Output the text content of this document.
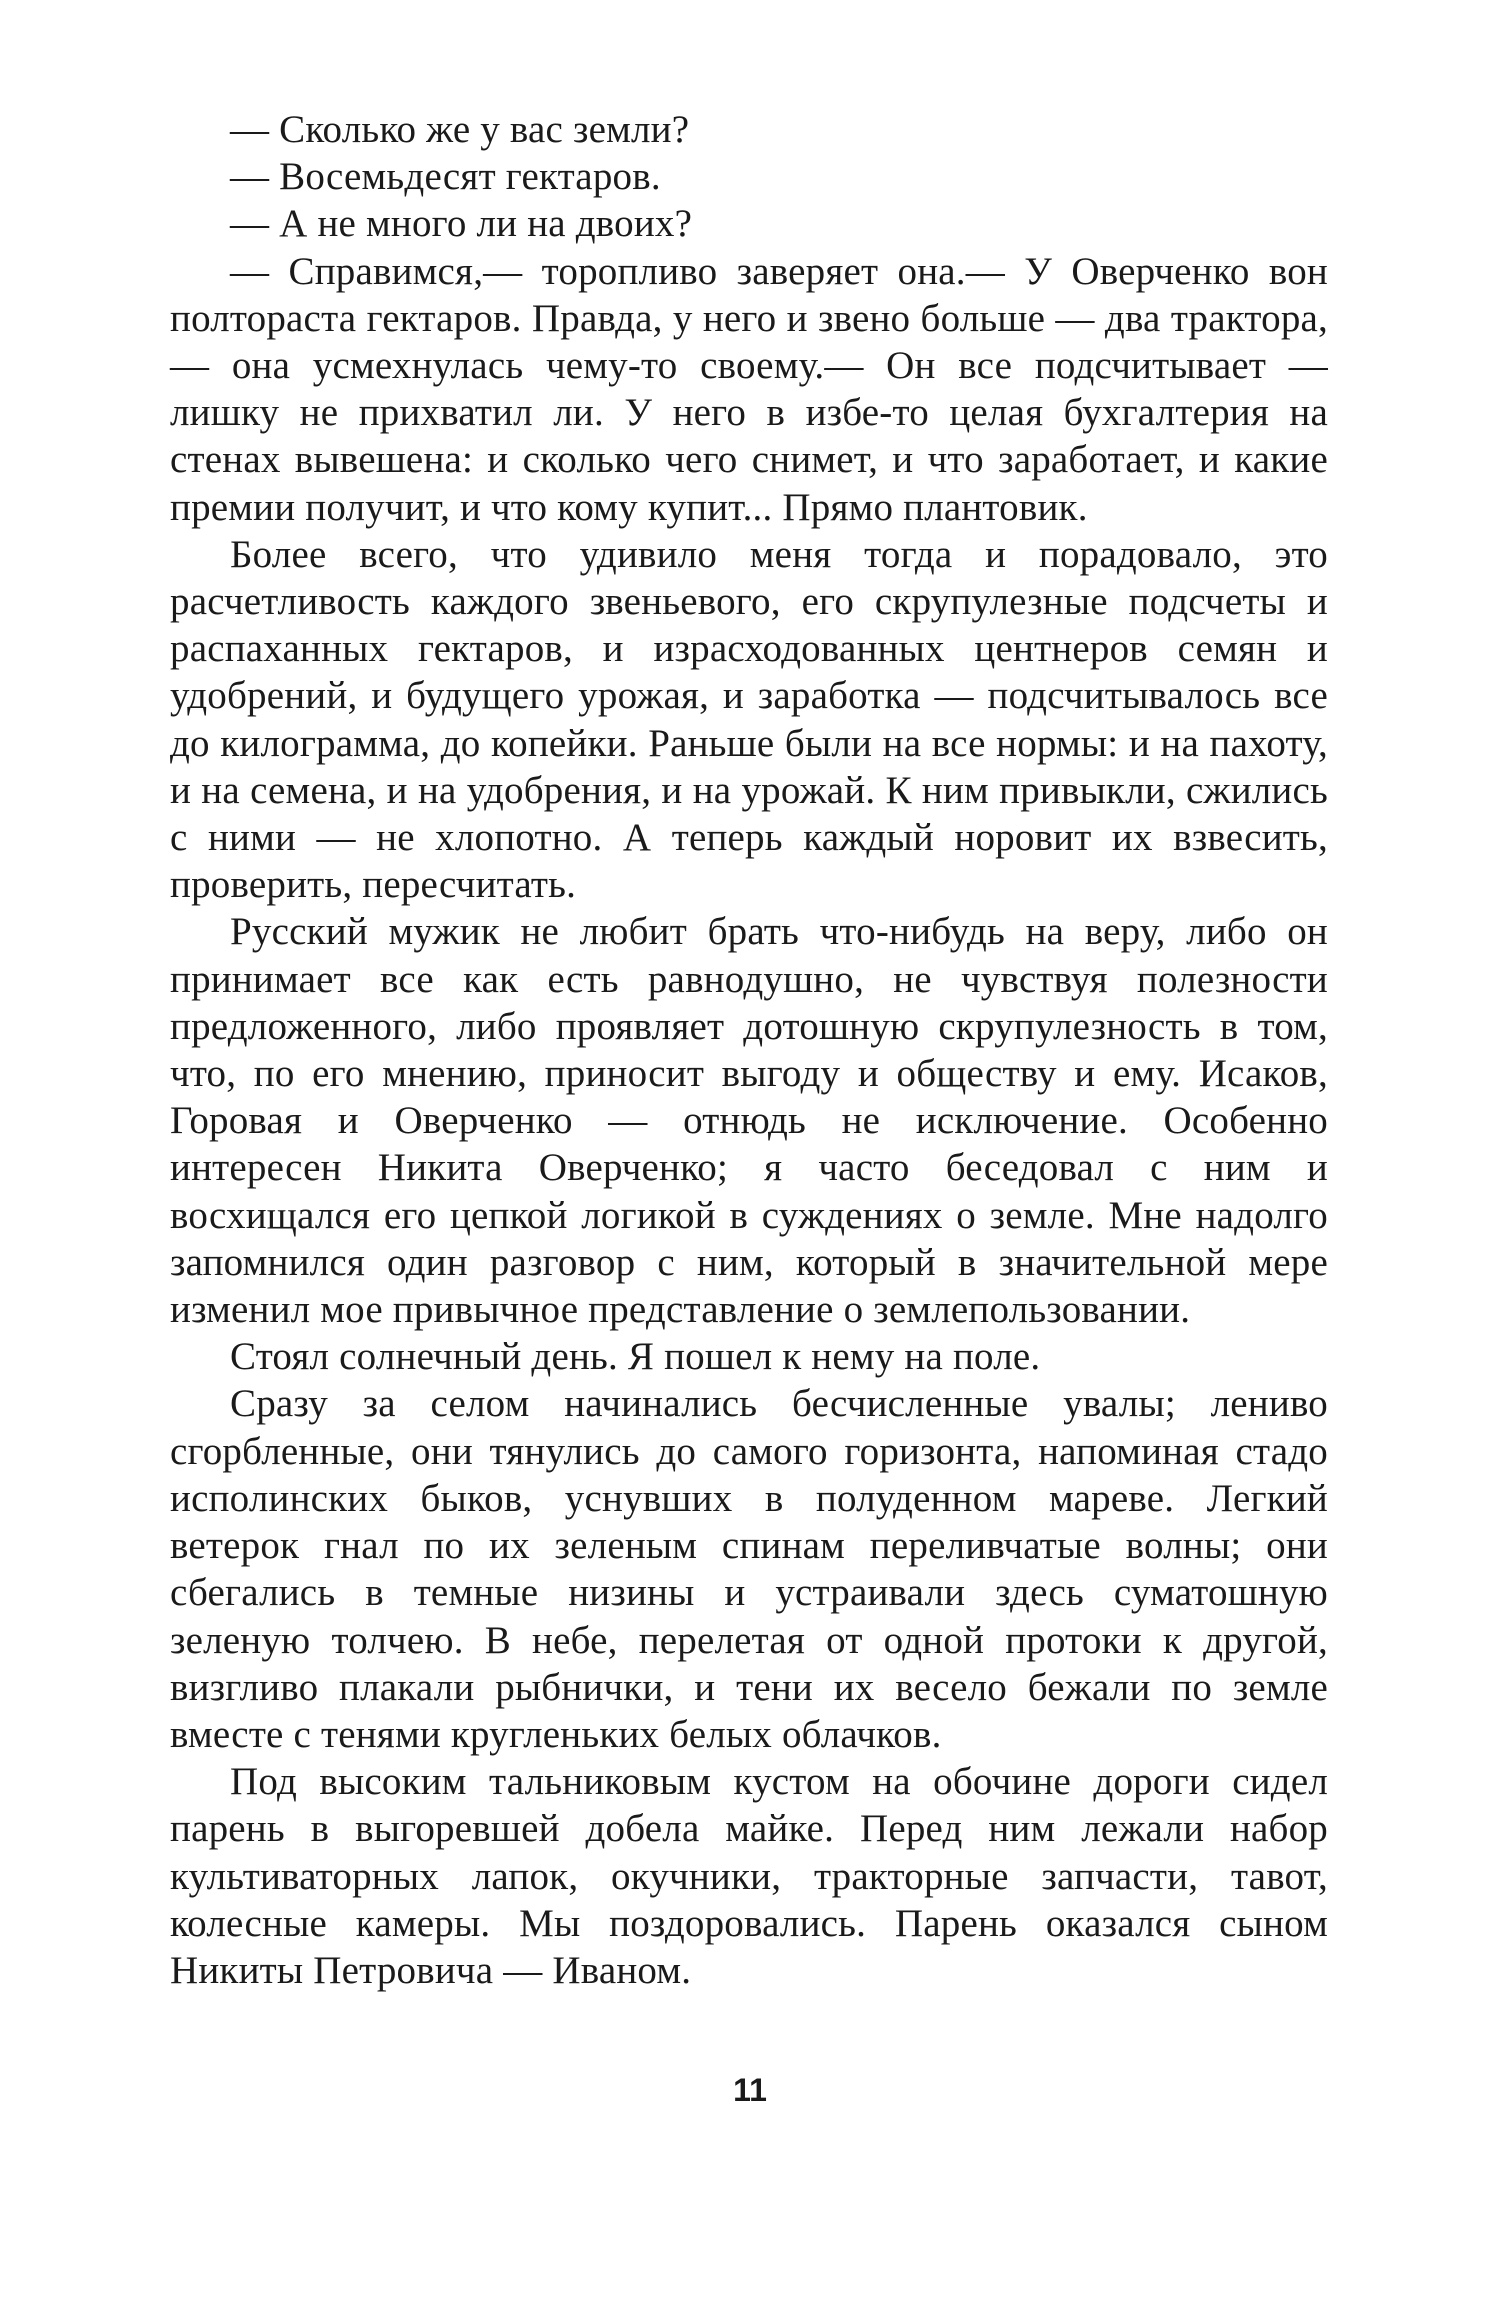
— Сколько же у вас земли?

— Восемьдесят гектаров.

— А не много ли на двоих?

— Справимся,— торопливо заверяет она.— У Оверченко вон полтораста гектаров. Правда, у него и звено больше — два трактора,— она усмехнулась чему-то своему.— Он все подсчитывает — лишку не прихватил ли. У него в избе-то целая бухгалтерия на стенах вывешена: и сколько чего снимет, и что заработает, и какие премии получит, и что кому купит... Прямо плантовик.

Более всего, что удивило меня тогда и порадовало, это расчетливость каждого звеньевого, его скрупулезные подсчеты и распаханных гектаров, и израсходованных центнеров семян и удобрений, и будущего урожая, и заработка — подсчитывалось все до килограмма, до копейки. Раньше были на все нормы: и на пахоту, и на семена, и на удобрения, и на урожай. К ним привыкли, сжились с ними — не хлопотно. А теперь каждый норовит их взвесить, проверить, пересчитать.

Русский мужик не любит брать что-нибудь на веру, либо он принимает все как есть равнодушно, не чувствуя полезности предложенного, либо проявляет дотошную скрупулезность в том, что, по его мнению, приносит выгоду и обществу и ему. Исаков, Горовая и Оверченко — отнюдь не исключение. Особенно интересен Никита Оверченко; я часто беседовал с ним и восхищался его цепкой логикой в суждениях о земле. Мне надолго запомнился один разговор с ним, который в значительной мере изменил мое привычное представление о землепользовании.

Стоял солнечный день. Я пошел к нему на поле.

Сразу за селом начинались бесчисленные увалы; лениво сгорбленные, они тянулись до самого горизонта, напоминая стадо исполинских быков, уснувших в полуденном мареве. Легкий ветерок гнал по их зеленым спинам переливчатые волны; они сбегались в темные низины и устраивали здесь суматошную зеленую толчею. В небе, перелетая от одной протоки к другой, визгливо плакали рыбнички, и тени их весело бежали по земле вместе с тенями кругленьких белых облачков.

Под высоким тальниковым кустом на обочине дороги сидел парень в выгоревшей добела майке. Перед ним лежали набор культиваторных лапок, окучники, тракторные запчасти, тавот, колесные камеры. Мы поздоровались. Парень оказался сыном Никиты Петровича — Иваном.

11
